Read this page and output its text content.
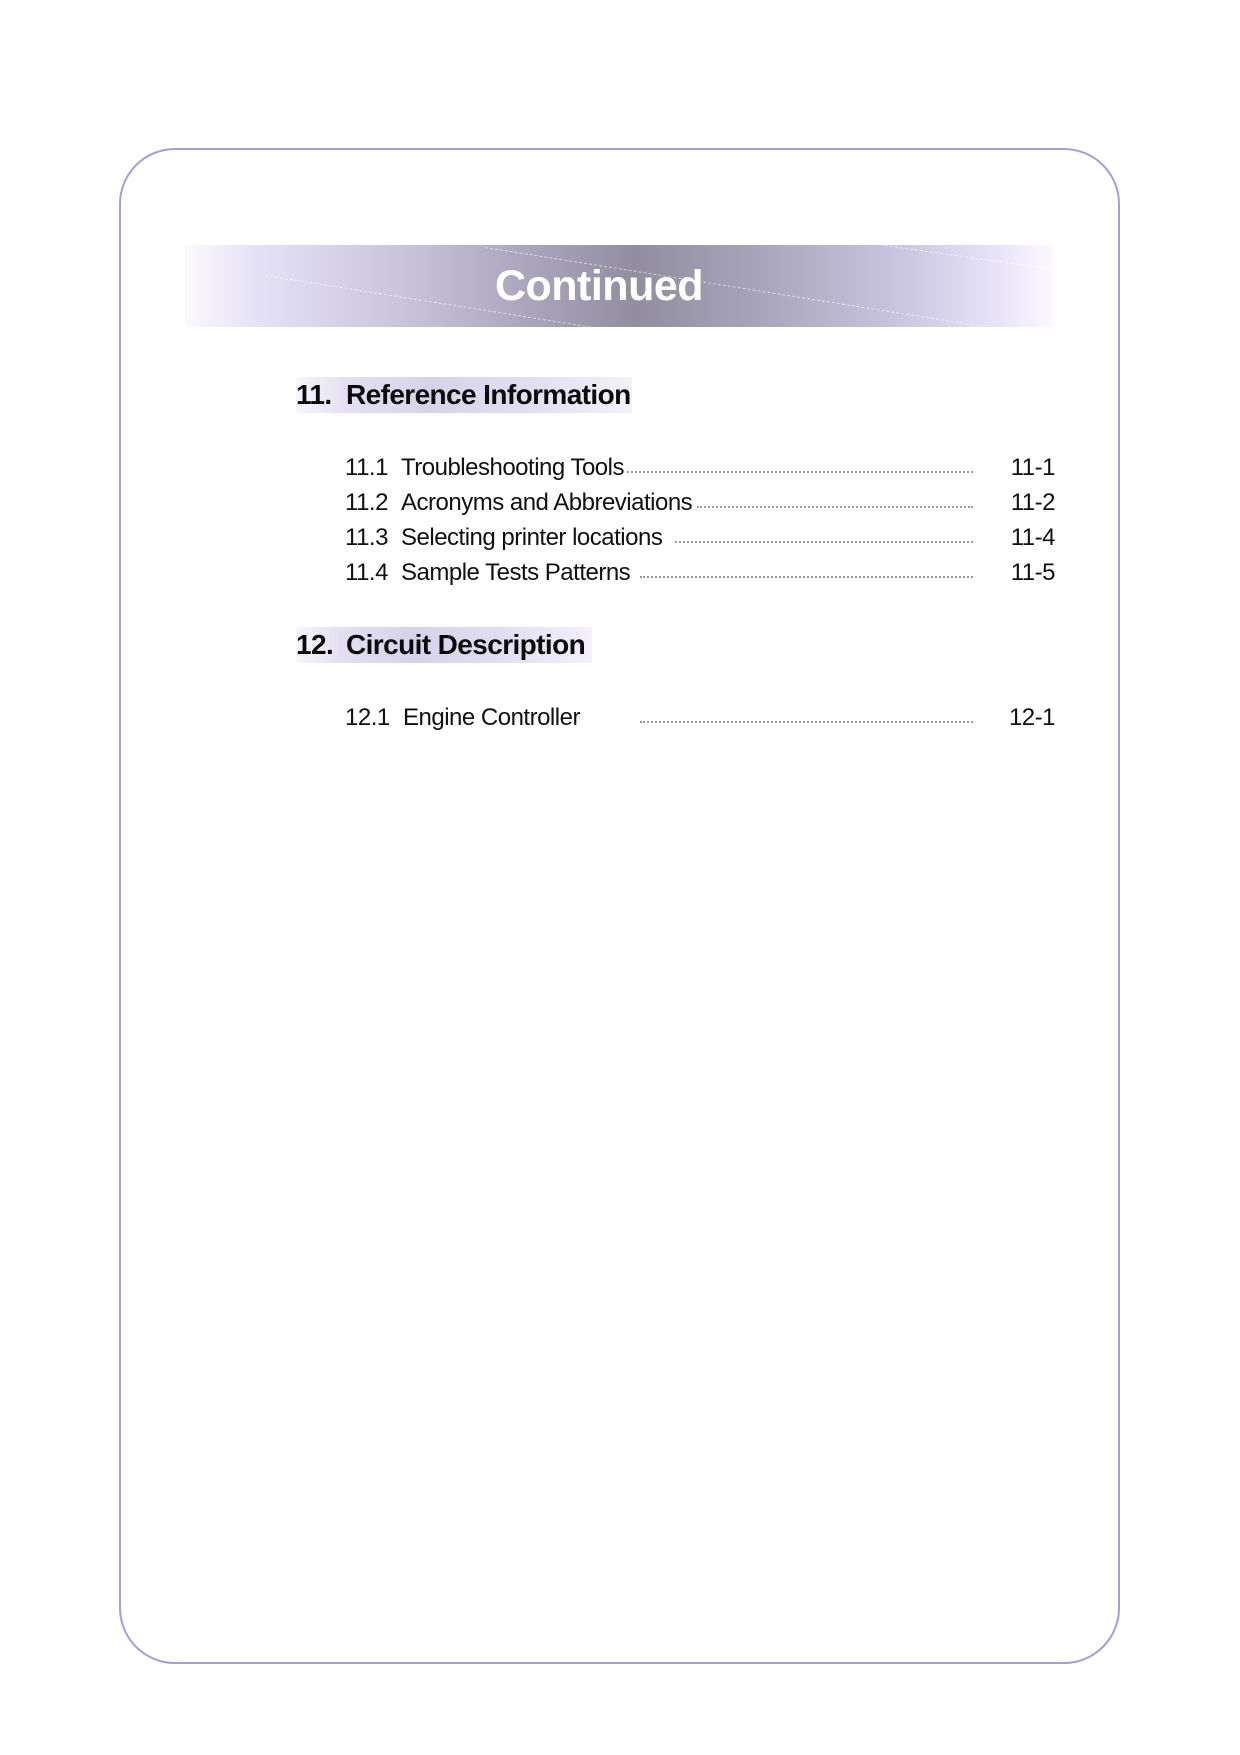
Continued
11. Reference Information
11.1 Troubleshooting Tools	11-1
11.2 Acronyms and Abbreviations	11-2
11.3 Selecting printer locations	11-4
11.4 Sample Tests Patterns	11-5
12. Circuit Description
12.1 Engine Controller	12-1
